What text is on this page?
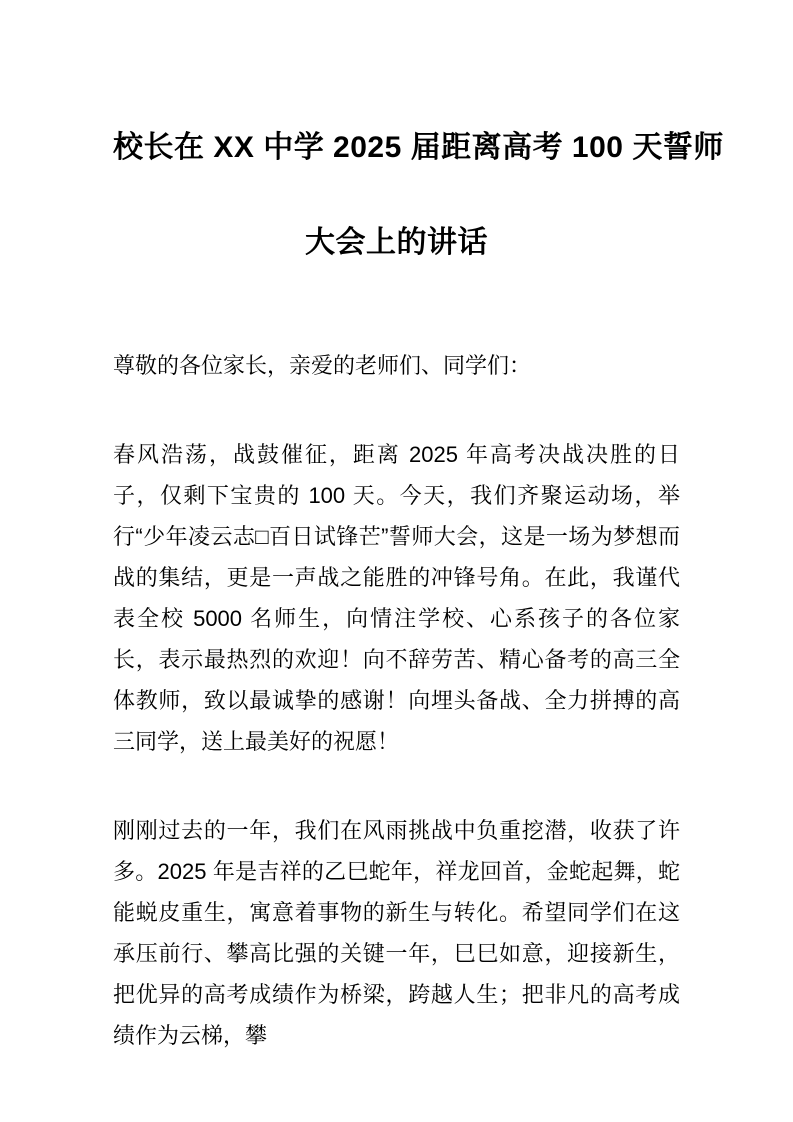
校长在 XX 中学 2025 届距离高考 100 天誓师
大会上的讲话
尊敬的各位家长，亲爱的老师们、同学们：

春风浩荡，战鼓催征，距离 2025 年高考决战决胜的日子，仅剩下宝贵的 100 天。今天，我们齐聚运动场，举行“少年凌云志□百日试锋芒”誓师大会，这是一场为梦想而战的集结，更是一声战之能胜的冲锋号角。在此，我谨代表全校 5000 名师生，向情注学校、心系孩子的各位家长，表示最热烈的欢迎！向不辞劳苦、精心备考的高三全体教师，致以最诚挚的感谢！向埋头备战、全力拼搏的高三同学，送上最美好的祝愿！

刚刚过去的一年，我们在风雨挑战中负重挖潜，收获了许多。2025 年是吉祥的乙巳蛇年，祥龙回首，金蛇起舞，蛇能蜕皮重生，寓意着事物的新生与转化。希望同学们在这承压前行、攀高比强的关键一年，巳巳如意，迎接新生，把优异的高考成绩作为桥梁，跨越人生；把非凡的高考成绩作为云梯，攀
